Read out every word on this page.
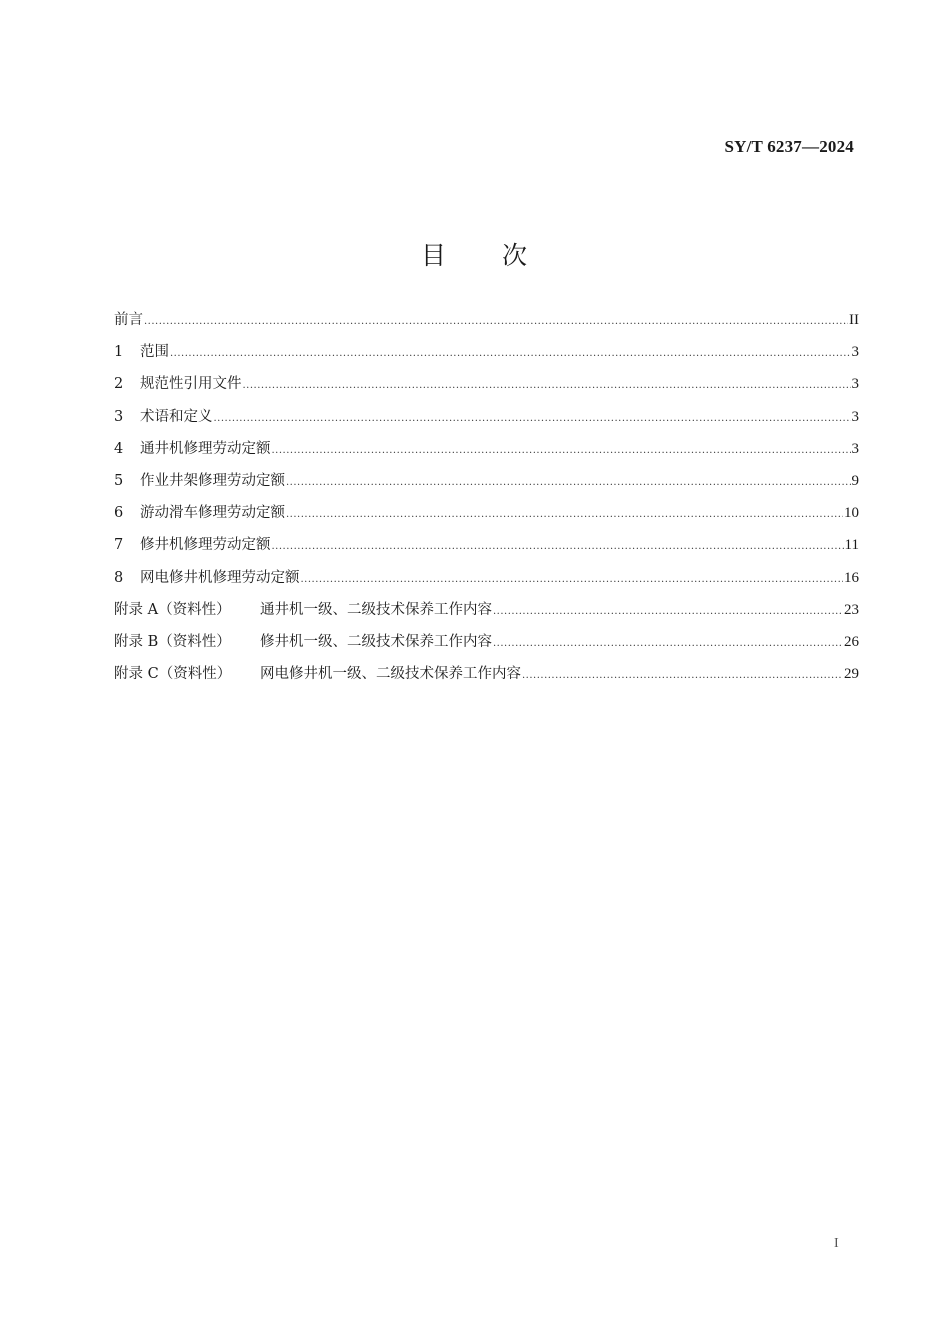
SY/T 6237—2024
目 次
前言 .....	II
1	范围 .....	3
2	规范性引用文件 .....	3
3	术语和定义 .....	3
4	通井机修理劳动定额 .....	3
5	作业井架修理劳动定额 .....	9
6	游动滑车修理劳动定额 .....	10
7	修井机修理劳动定额 .....	11
8	网电修井机修理劳动定额 .....	16
附录 A（资料性）	通井机一级、二级技术保养工作内容 .....	23
附录 B（资料性）	修井机一级、二级技术保养工作内容 .....	26
附录 C（资料性）	网电修井机一级、二级技术保养工作内容 .....	29
I
